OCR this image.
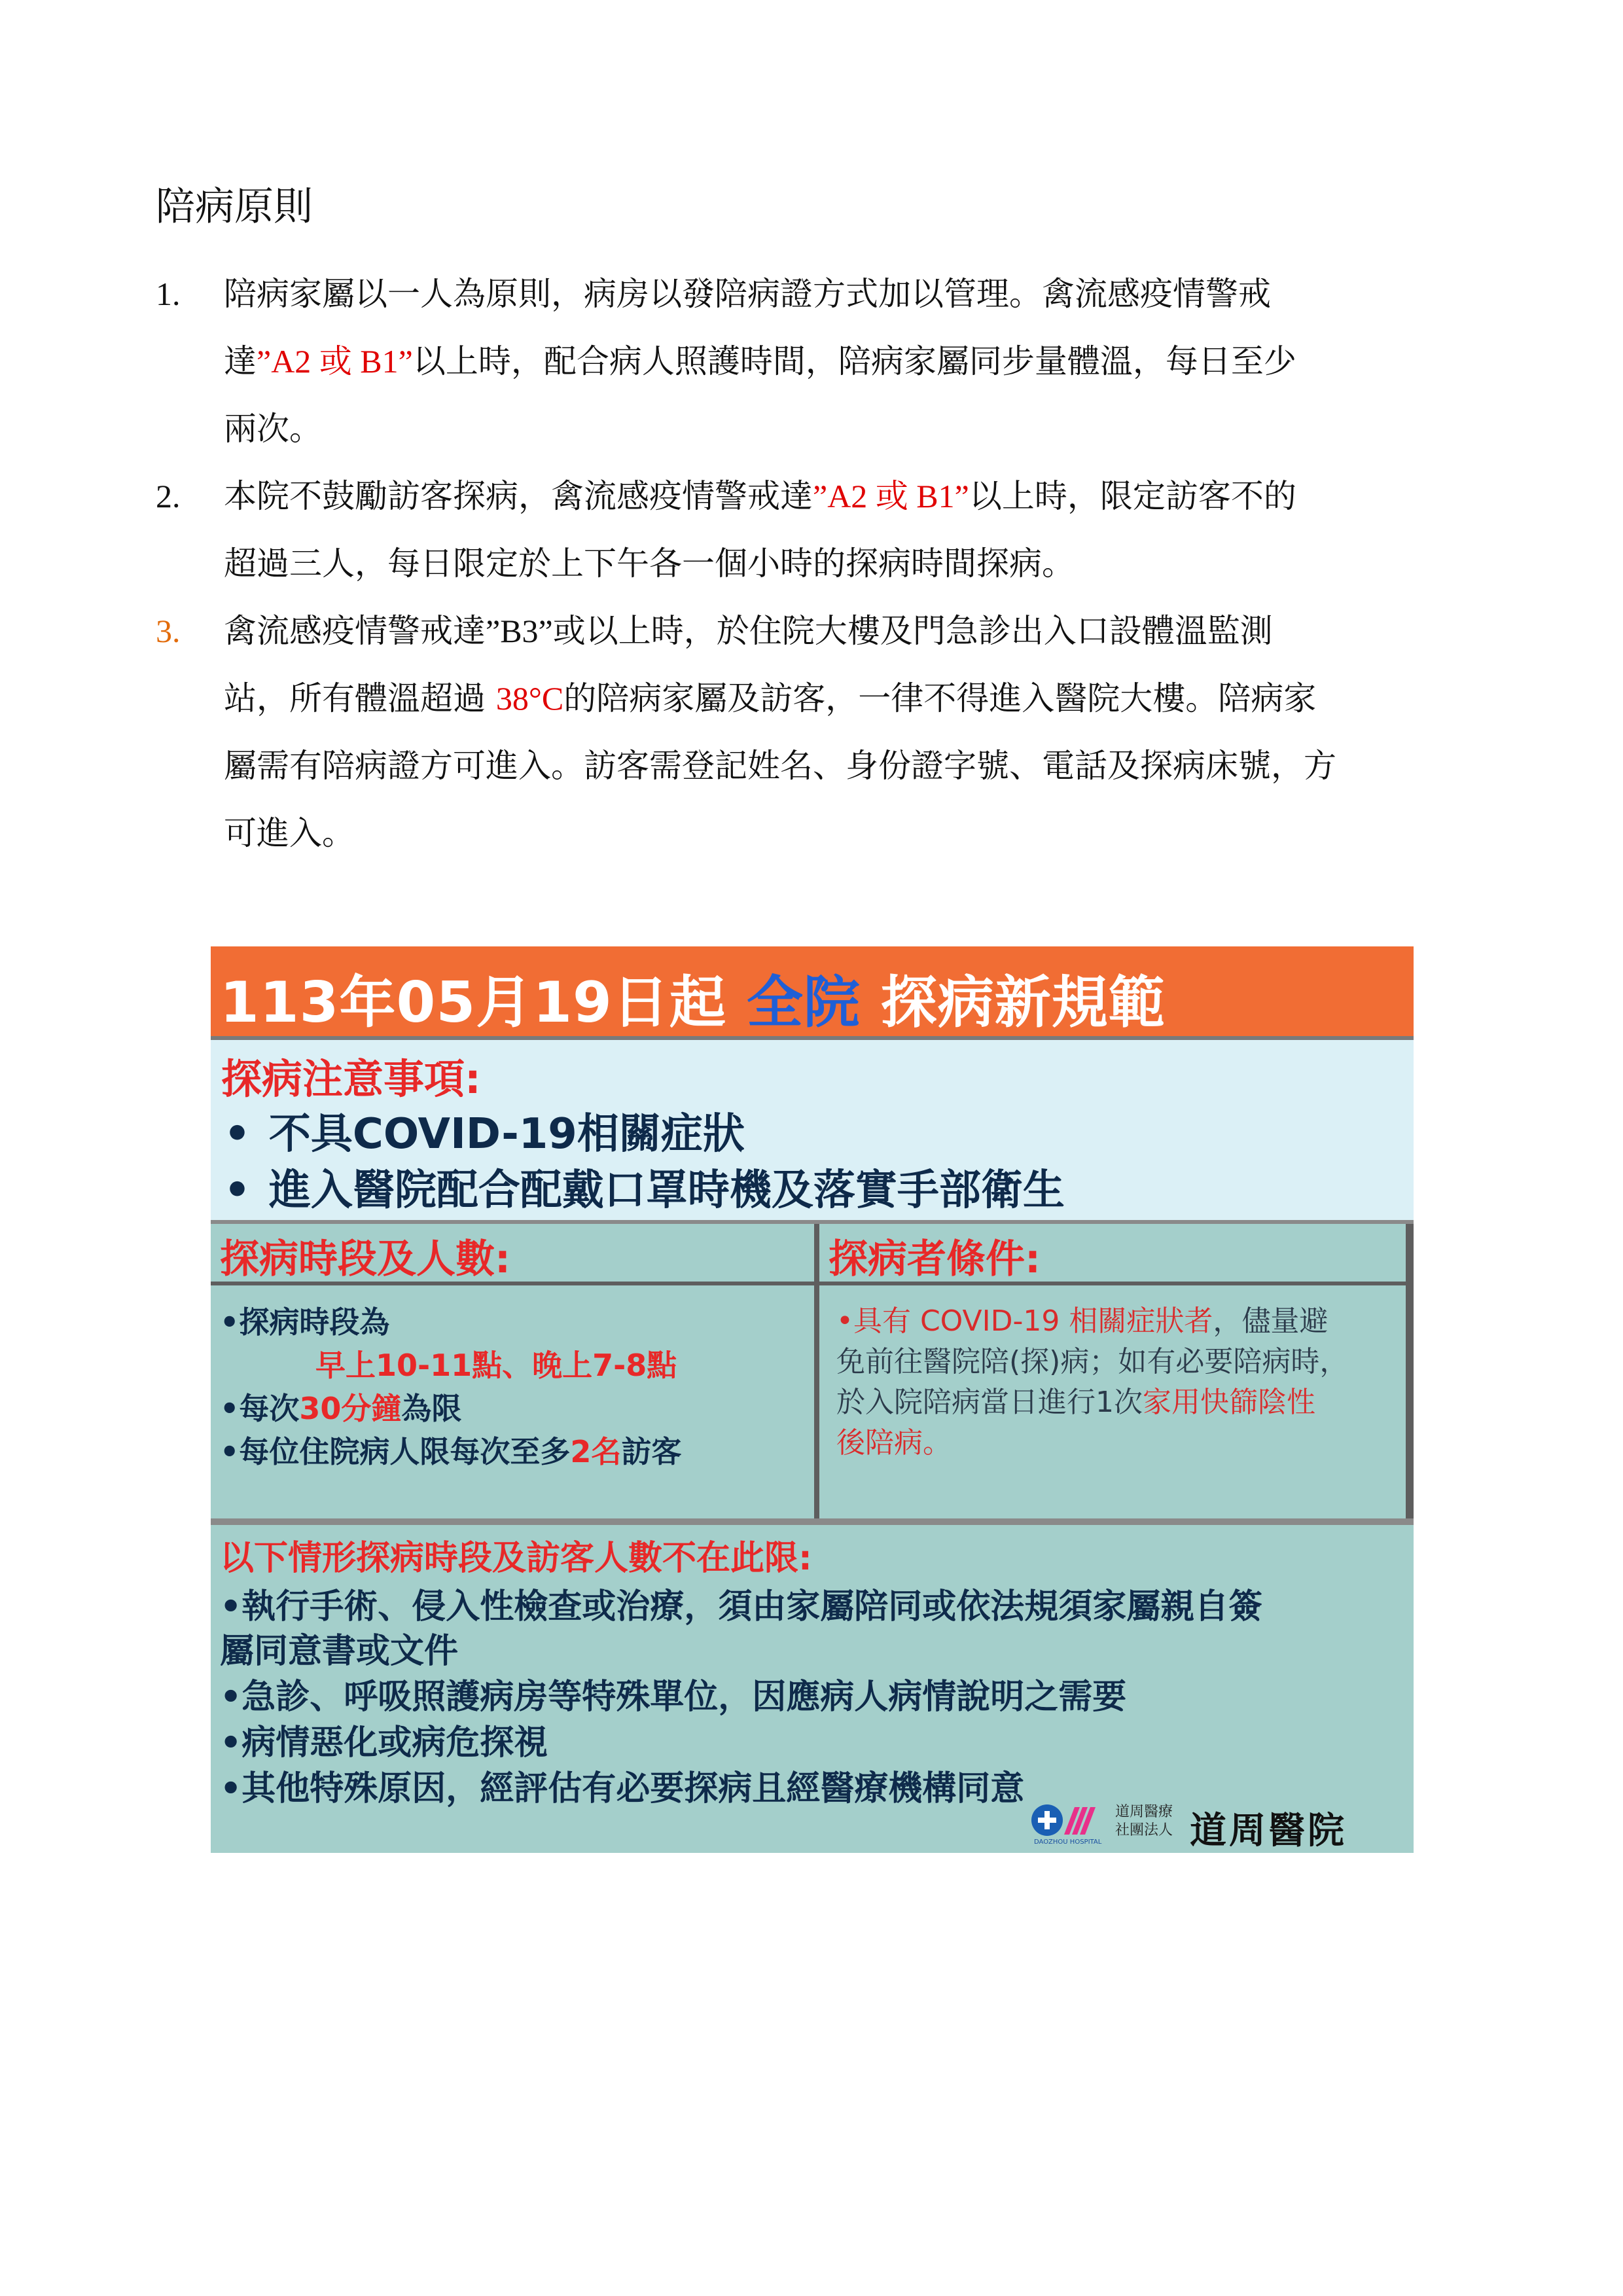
陪病原則
1. 陪病家屬以一人為原則，病房以發陪病證方式加以管理。禽流感疫情警戒
達”A2 或 B1”以上時，配合病人照護時間，陪病家屬同步量體溫，每日至少
兩次。
2. 本院不鼓勵訪客探病，禽流感疫情警戒達”A2 或 B1”以上時，限定訪客不的
超過三人，每日限定於上下午各一個小時的探病時間探病。
3. 禽流感疫情警戒達”B3”或以上時，於住院大樓及門急診出入口設體溫監測
站，所有體溫超過 38°C的陪病家屬及訪客，一律不得進入醫院大樓。陪病家
屬需有陪病證方可進入。訪客需登記姓名、身份證字號、電話及探病床號，方
可進入。
113年05月19日起 全院 探病新規範
探病注意事項:
• 不具COVID-19相關症狀
• 進入醫院配合配戴口罩時機及落實手部衛生
探病時段及人數:	探病者條件:
•探病時段為
早上10-11點、晚上7-8點
•每次30分鐘為限
•每位住院病人限每次至多2名訪客
•具有 COVID-19 相關症狀者，儘量避
免前往醫院陪(探)病；如有必要陪病時，
於入院陪病當日進行1次家用快篩陰性
後陪病。
以下情形探病時段及訪客人數不在此限:
•執行手術、侵入性檢查或治療，須由家屬陪同或依法規須家屬親自簽
屬同意書或文件
•急診、呼吸照護病房等特殊單位，因應病人病情說明之需要
•病情惡化或病危探視
•其他特殊原因，經評估有必要探病且經醫療機構同意
DAOZHOU HOSPITAL
道周醫療 社團法人 道周醫院
